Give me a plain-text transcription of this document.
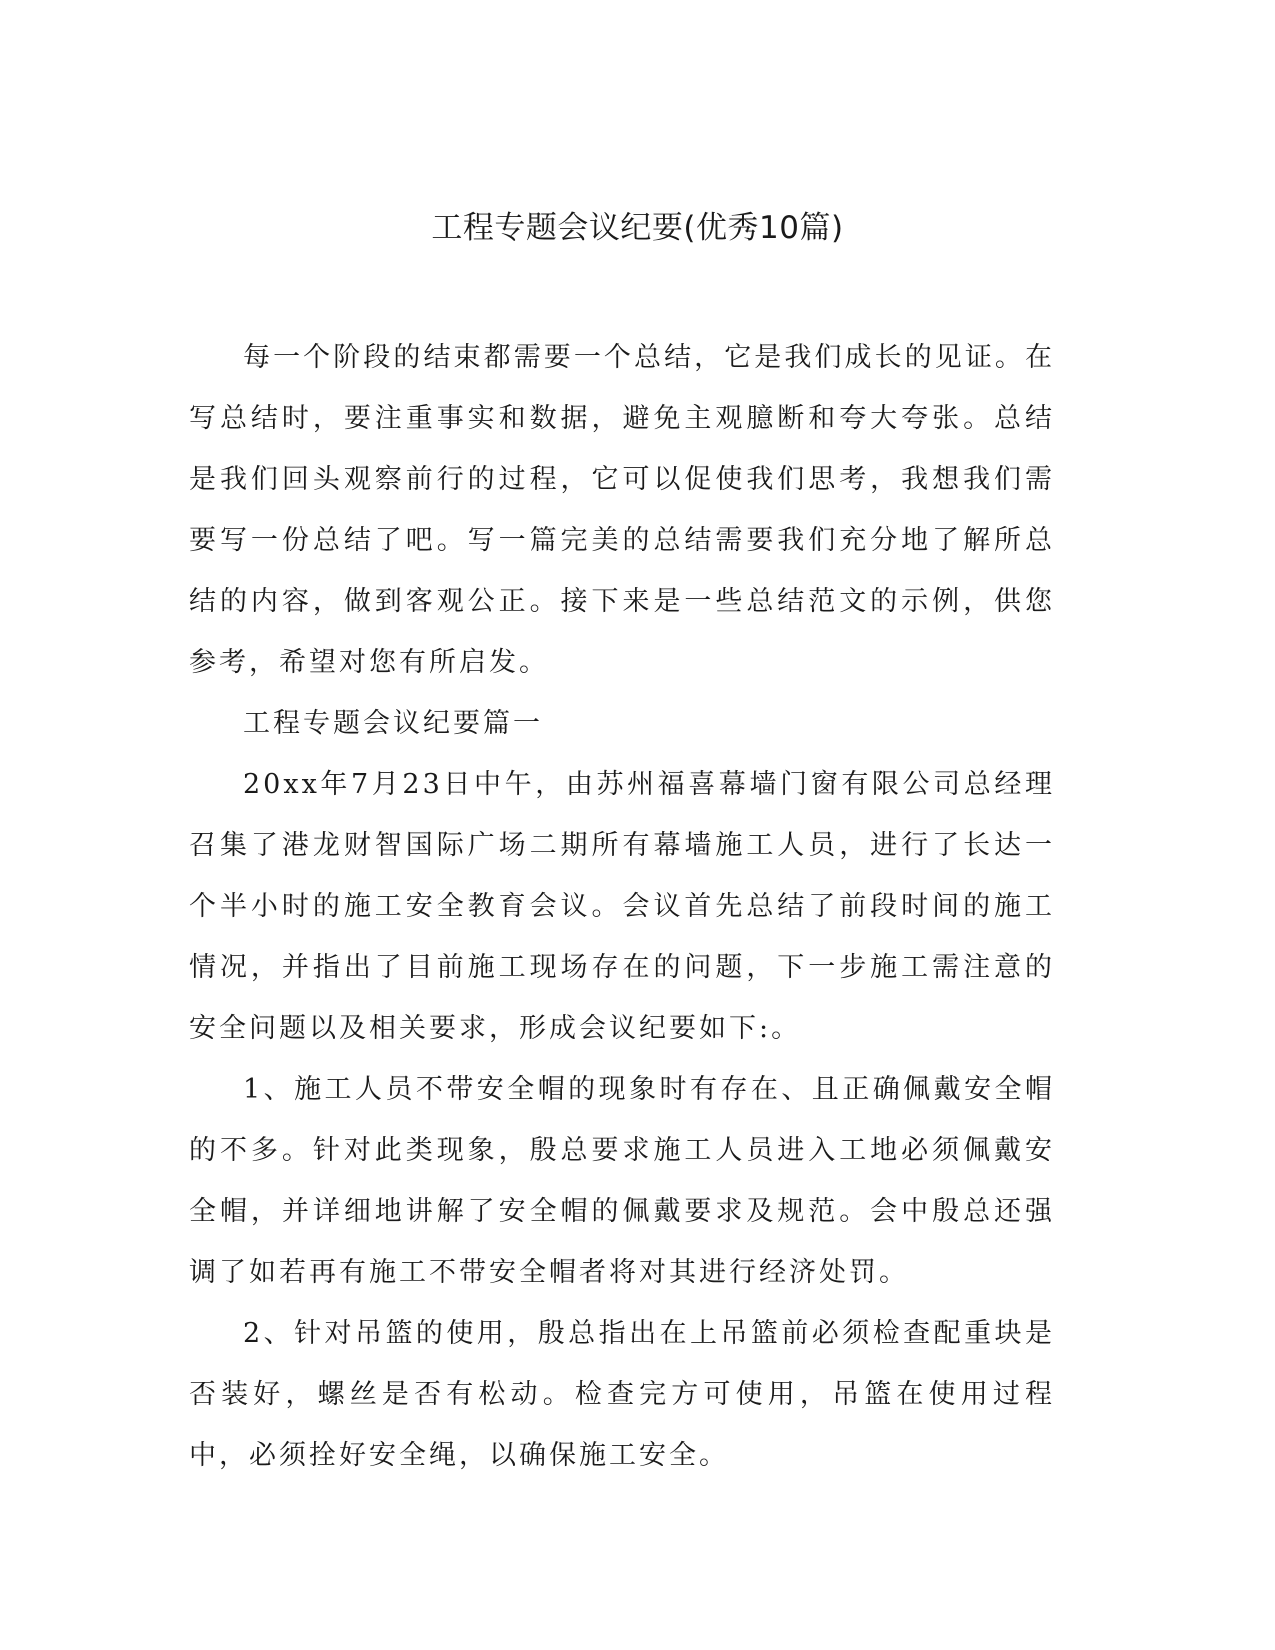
工程专题会议纪要(优秀10篇)

每一个阶段的结束都需要一个总结，它是我们成长的见证。在写总结时，要注重事实和数据，避免主观臆断和夸大夸张。总结是我们回头观察前行的过程，它可以促使我们思考，我想我们需要写一份总结了吧。写一篇完美的总结需要我们充分地了解所总结的内容，做到客观公正。接下来是一些总结范文的示例，供您参考，希望对您有所启发。

工程专题会议纪要篇一

20xx年7月23日中午，由苏州福喜幕墙门窗有限公司总经理召集了港龙财智国际广场二期所有幕墙施工人员，进行了长达一个半小时的施工安全教育会议。会议首先总结了前段时间的施工情况，并指出了目前施工现场存在的问题，下一步施工需注意的安全问题以及相关要求，形成会议纪要如下:。

1、施工人员不带安全帽的现象时有存在、且正确佩戴安全帽的不多。针对此类现象，殷总要求施工人员进入工地必须佩戴安全帽，并详细地讲解了安全帽的佩戴要求及规范。会中殷总还强调了如若再有施工不带安全帽者将对其进行经济处罚。

2、针对吊篮的使用，殷总指出在上吊篮前必须检查配重块是否装好，螺丝是否有松动。检查完方可使用，吊篮在使用过程中，必须拴好安全绳，以确保施工安全。
